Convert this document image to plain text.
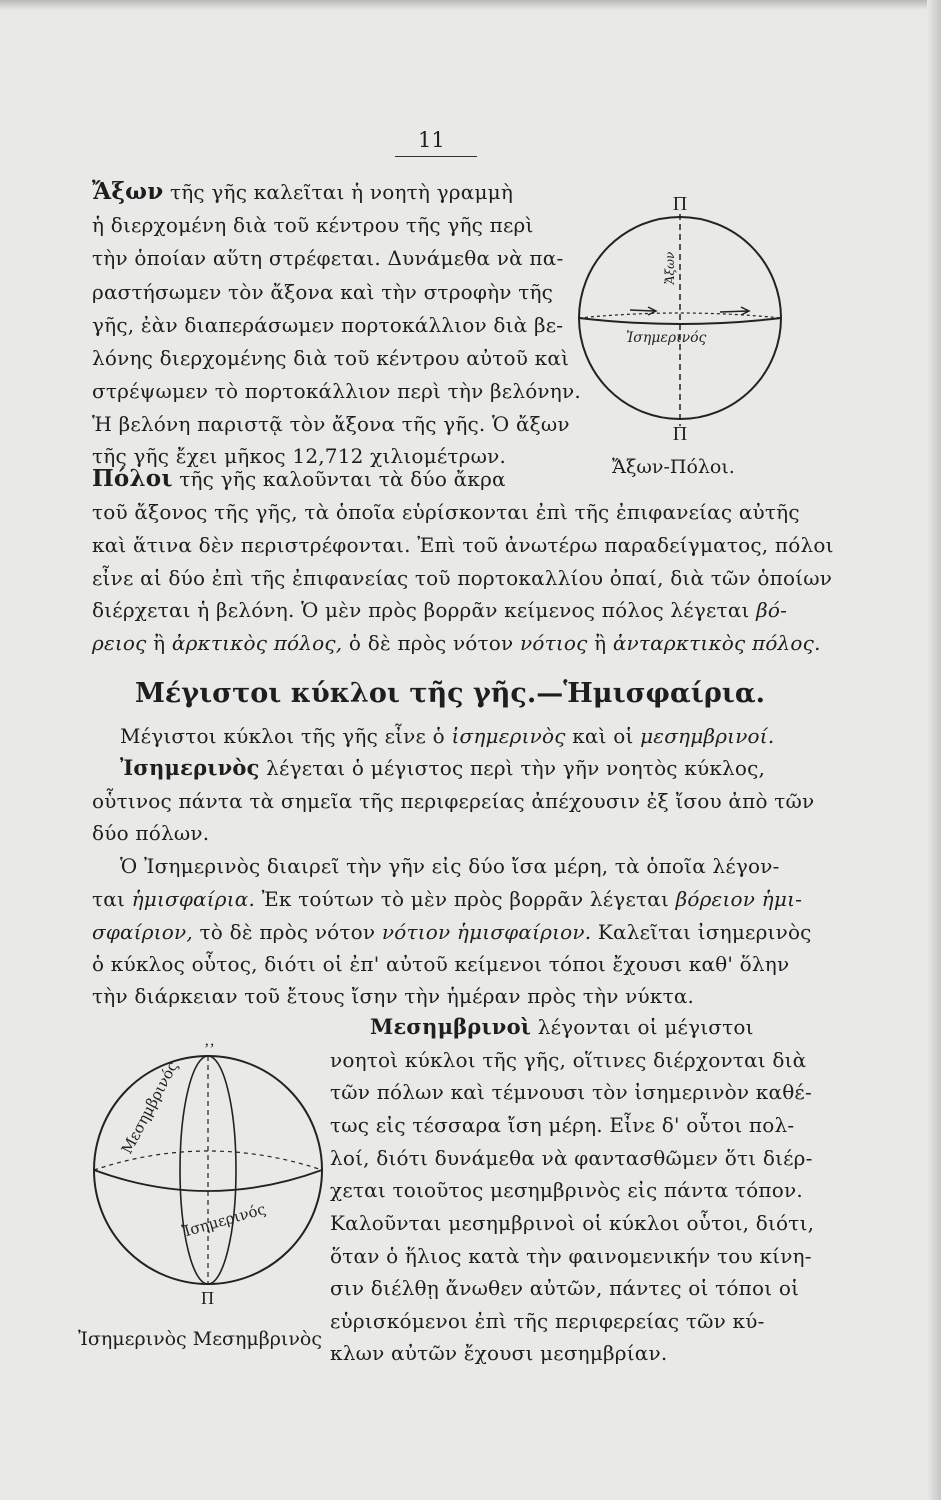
11
Ἄξων τῆς γῆς καλεῖται ἡ νοητὴ γραμμὴ
ἡ διερχομένη διὰ τοῦ κέντρου τῆς γῆς περὶ
τὴν ὁποίαν αὕτη στρέφεται. Δυνάμεθα νὰ πα-
ραστήσωμεν τὸν ἄξονα καὶ τὴν στροφὴν τῆς
γῆς, ἐὰν διαπεράσωμεν πορτοκάλλιον διὰ βε-
λόνης διερχομένης διὰ τοῦ κέντρου αὐτοῦ καὶ
στρέψωμεν τὸ πορτοκάλλιον περὶ τὴν βελόνην.
Ἡ βελόνη παριστᾷ τὸν ἄξονα τῆς γῆς. Ὁ ἄξων
τῆς γῆς ἔχει μῆκος 12,712 χιλιομέτρων.
Π
Π
Ἄξων
Ἰσημερινός
Ἄξων-Πόλοι.
Πόλοι τῆς γῆς καλοῦνται τὰ δύο ἄκρα
τοῦ ἄξονος τῆς γῆς, τὰ ὁποῖα εὑρίσκονται ἐπὶ τῆς ἐπιφανείας αὐτῆς
καὶ ἅτινα δὲν περιστρέφονται. Ἐπὶ τοῦ ἀνωτέρω παραδείγματος, πόλοι
εἶνε αἱ δύο ἐπὶ τῆς ἐπιφανείας τοῦ πορτοκαλλίου ὀπαί, διὰ τῶν ὁποίων
διέρχεται ἡ βελόνη. Ὁ μὲν πρὸς βορρᾶν κείμενος πόλος λέγεται βό-
ρειος ἢ ἀρκτικὸς πόλος, ὁ δὲ πρὸς νότον νότιος ἢ ἀνταρκτικὸς πόλος.
Μέγιστοι κύκλοι τῆς γῆς.—Ἡμισφαίρια.
Μέγιστοι κύκλοι τῆς γῆς εἶνε ὁ ἰσημερινὸς καὶ οἱ μεσημβρινοί.
Ἰσημερινὸς λέγεται ὁ μέγιστος περὶ τὴν γῆν νοητὸς κύκλος,
οὗτινος πάντα τὰ σημεῖα τῆς περιφερείας ἀπέχουσιν ἐξ ἴσου ἀπὸ τῶν
δύο πόλων.
Ὁ Ἰσημερινὸς διαιρεῖ τὴν γῆν εἰς δύο ἴσα μέρη, τὰ ὁποῖα λέγον-
ται ἡμισφαίρια. Ἐκ τούτων τὸ μὲν πρὸς βορρᾶν λέγεται βόρειον ἡμι-
σφαίριον, τὸ δὲ πρὸς νότον νότιον ἡμισφαίριον. Καλεῖται ἰσημερινὸς
ὁ κύκλος οὗτος, διότι οἱ ἐπ' αὐτοῦ κείμενοι τόποι ἔχουσι καθ' ὅλην
τὴν διάρκειαν τοῦ ἔτους ἴσην τὴν ἡμέραν πρὸς τὴν νύκτα.
Μεσημβρινοὶ λέγονται οἱ μέγιστοι
νοητοὶ κύκλοι τῆς γῆς, οἵτινες διέρχονται διὰ
τῶν πόλων καὶ τέμνουσι τὸν ἰσημερινὸν καθέ-
τως εἰς τέσσαρα ἴση μέρη. Εἶνε δ' οὗτοι πολ-
λοί, διότι δυνάμεθα νὰ φαντασθῶμεν ὅτι διέρ-
χεται τοιοῦτος μεσημβρινὸς εἰς πάντα τόπον.
Καλοῦνται μεσημβρινοὶ οἱ κύκλοι οὗτοι, διότι,
ὅταν ὁ ἥλιος κατὰ τὴν φαινομενικήν του κίνη-
σιν διέλθῃ ἄνωθεν αὐτῶν, πάντες οἱ τόποι οἱ
εὑρισκόμενοι ἐπὶ τῆς περιφερείας τῶν κύ-
κλων αὐτῶν ἔχουσι μεσημβρίαν.
ʼʼ
Π
Μεσημβρινός
Ἰσημερινός
Ἰσημερινὸς Μεσημβρινὸς
